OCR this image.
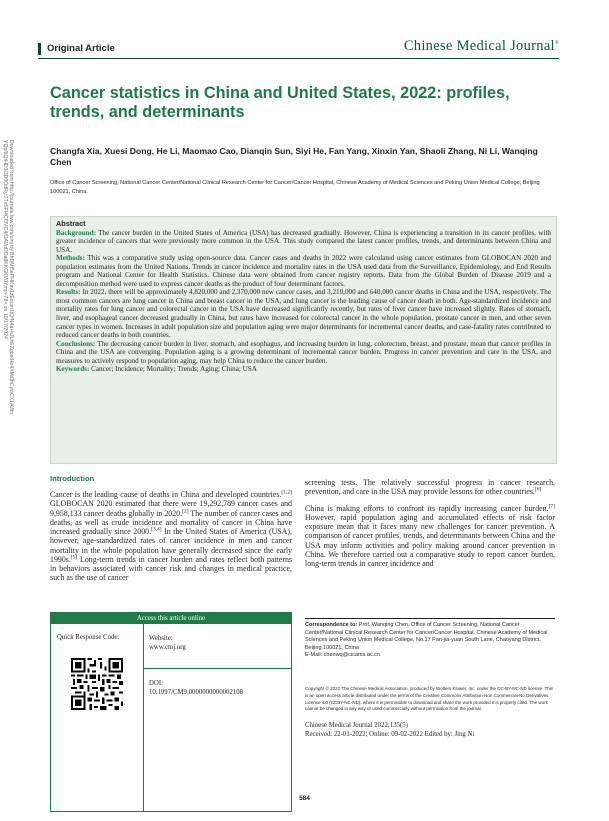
Downloaded from http://journals.lww.com/cmj by BhDMf5ePHKav1zEoum1tQfN4a+kJLhEZgbsIHo4XMi0hCywCX1AWn
YQp/IlQrHD3i3D0OdRyi7TvSFl4Cf3VC4/OAVpDDa8KKGKV0Ymy+78= on 10/17/2024
Original Article	Chinese Medical Journal®
Cancer statistics in China and United States, 2022: profiles, trends, and determinants
Changfa Xia, Xuesi Dong, He Li, Maomao Cao, Dianqin Sun, Siyi He, Fan Yang, Xinxin Yan, Shaoli Zhang, Ni Li, Wanqing Chen
Office of Cancer Screening, National Cancer Center/National Clinical Research Center for Cancer/Cancer Hospital, Chinese Academy of Medical Sciences and Peking Union Medical College, Beijing 100021, China.
Abstract

Background: The cancer burden in the United States of America (USA) has decreased gradually. However, China is experiencing a transition in its cancer profiles, with greater incidence of cancers that were previously more common in the USA. This study compared the latest cancer profiles, trends, and determinants between China and USA.

Methods: This was a comparative study using open-source data. Cancer cases and deaths in 2022 were calculated using cancer estimates from GLOBOCAN 2020 and population estimates from the United Nations. Trends in cancer incidence and mortality rates in the USA used data from the Surveillance, Epidemiology, and End Results program and National Center for Health Statistics. Chinese data were obtained from cancer registry reports. Data from the Global Burden of Disease 2019 and a decomposition method were used to express cancer deaths as the product of four determinant factors.

Results: In 2022, there will be approximately 4,820,000 and 2,370,000 new cancer cases, and 3,210,000 and 640,000 cancer deaths in China and the USA, respectively. The most common cancers are lung cancer in China and breast cancer in the USA, and lung cancer is the leading cause of cancer death in both. Age-standardized incidence and mortality rates for lung cancer and colorectal cancer in the USA have decreased significantly recently, but rates of liver cancer have increased slightly. Rates of stomach, liver, and esophageal cancer decreased gradually in China, but rates have increased for colorectal cancer in the whole population, prostate cancer in men, and other seven cancer types in women. Increases in adult population size and population aging were major determinants for incremental cancer deaths, and case-fatality rates contributed to reduced cancer deaths in both countries.

Conclusions: The decreasing cancer burden in liver, stomach, and esophagus, and increasing burden in lung, colorectum, breast, and prostate, mean that cancer profiles in China and the USA are converging. Population aging is a growing determinant of incremental cancer burden. Progress in cancer prevention and care in the USA, and measures to actively respond to population aging, may help China to reduce the cancer burden.

Keywords: Cancer; Incidence; Mortality; Trends; Aging; China; USA

Introduction

Cancer is the leading cause of deaths in China and developed countries.[1,2] GLOBOCAN 2020 estimated that there were 19,292,789 cancer cases and 9,958,133 cancer deaths globally in 2020.[2] The number of cancer cases and deaths, as well as crude incidence and mortality of cancer in China have increased gradually since 2000.[3,4] In the United States of America (USA), however, age-standardized rates of cancer incidence in men and cancer mortality in the whole population have generally decreased since the early 1990s.[5] Long-term trends in cancer burden and rates reflect both patterns in behaviors associated with cancer risk and changes in medical practice, such as the use of cancer

screening tests. The relatively successful progress in cancer research, prevention, and care in the USA may provide lessons for other countries.[6]

China is making efforts to confront its rapidly increasing cancer burden.[7] However, rapid population aging and accumulated effects of risk factor exposure mean that it faces many new challenges for cancer prevention. A comparison of cancer profiles, trends, and determinants between China and the USA may inform activities and policy making around cancer prevention in China. We therefore carried out a comparative study to report cancer burden, long-term trends in cancer incidence and

Access this article online
Quick Response Code:	Website:
www.cmj.org
DOI:
10.1097/CM9.0000000000002108
Correspondence to: Prof. Wanqing Chen, Office of Cancer Screening, National Cancer Center/National Clinical Research Center for Cancer/Cancer Hospital, Chinese Academy of Medical Sciences and Peking Union Medical College, No.17 Pan-jia-yuan South Lane, Chaoyang District, Beijing 100021, China
E-Mail: chenwq@cicams.ac.cn
Copyright © 2022 The Chinese Medical Association, produced by Wolters Kluwer, Inc. under the CC-BY-NC-ND license. This is an open access article distributed under the terms of the Creative Commons Attribution-Non Commercial-No Derivatives License 4.0 (CCBY-NC-ND), where it is permissible to download and share the work provided it is properly cited. The work cannot be changed in any way or used commercially without permission from the journal.
Chinese Medical Journal 2022;135(5)
Received: 22-01-2022; Online: 09-02-2022 Edited by: Jing Ni
584
